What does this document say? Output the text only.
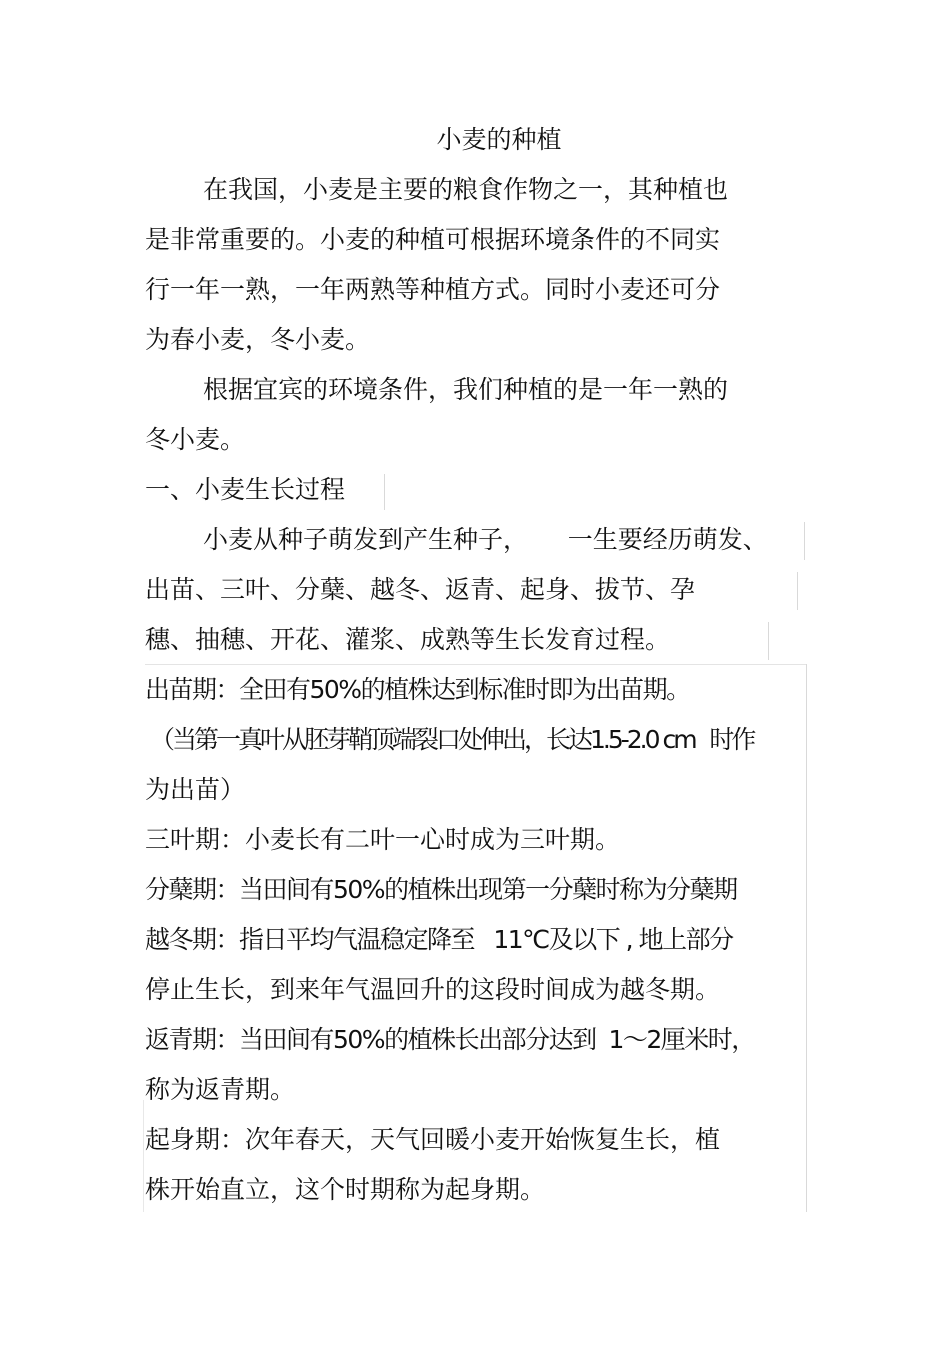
小麦的种植
在我国，小麦是主要的粮食作物之一，其种植也
是非常重要的。小麦的种植可根据环境条件的不同实
行一年一熟，一年两熟等种植方式。同时小麦还可分
为春小麦，冬小麦。
根据宜宾的环境条件，我们种植的是一年一熟的
冬小麦。
一、小麦生长过程
小麦从种子萌发到产生种子，     一生要经历萌发、
出苗、三叶、分蘖、越冬、返青、起身、拔节、孕
穗、抽穗、开花、灌浆、成熟等生长发育过程。
出苗期：全田有50%的植株达到标准时即为出苗期。
（当第一真叶从胚芽鞘顶端裂口处伸出，长达1.5-2.0 cm   时作
为出苗）
三叶期：小麦长有二叶一心时成为三叶期。
分蘖期：当田间有50%的植株出现第一分蘖时称为分蘖期
越冬期：指日平均气温稳定降至   11℃及以下 , 地上部分
停止生长，到来年气温回升的这段时间成为越冬期。
返青期：当田间有50%的植株长出部分达到  1～2厘米时，
称为返青期。
起身期：次年春天，天气回暖小麦开始恢复生长，植
株开始直立，这个时期称为起身期。
